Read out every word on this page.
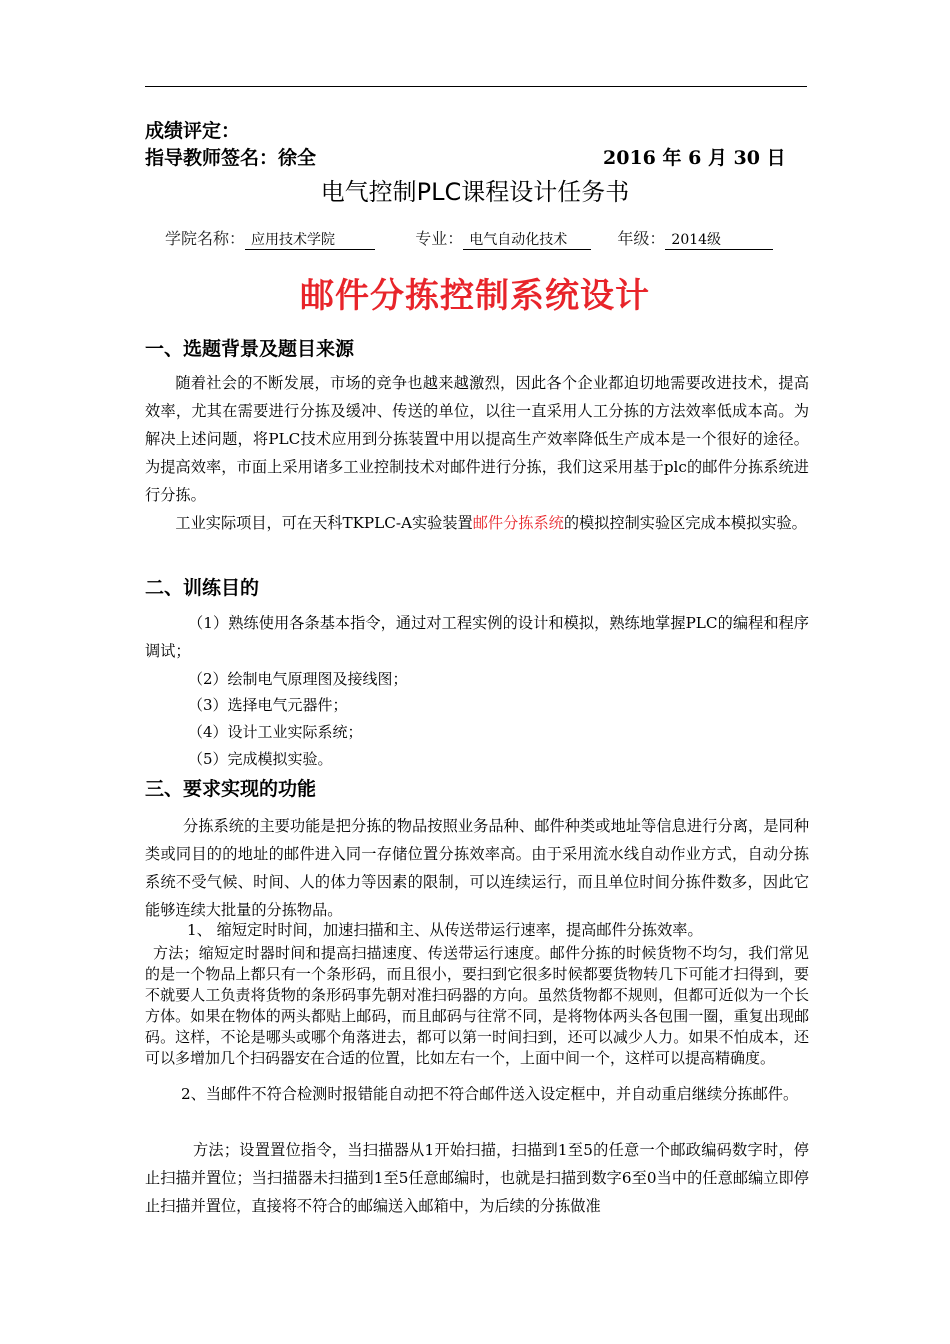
成绩评定：
指导教师签名：徐全	2016 年 6 月 30 日
电气控制PLC课程设计任务书
学院名称： 应用技术学院	专业： 电气自动化技术	年级： 2014级
邮件分拣控制系统设计
一、选题背景及题目来源
随着社会的不断发展，市场的竞争也越来越激烈，因此各个企业都迫切地需要改进技术，提高效率，尤其在需要进行分拣及缓冲、传送的单位，以往一直采用人工分拣的方法效率低成本高。为解决上述问题，将PLC技术应用到分拣装置中用以提高生产效率降低生产成本是一个很好的途径。为提高效率，市面上采用诸多工业控制技术对邮件进行分拣，我们这采用基于plc的邮件分拣系统进行分拣。
工业实际项目，可在天科TKPLC-A实验装置邮件分拣系统的模拟控制实验区完成本模拟实验。
二、训练目的
（1）熟练使用各条基本指令，通过对工程实例的设计和模拟，熟练地掌握PLC的编程和程序调试；
（2）绘制电气原理图及接线图；
（3）选择电气元器件；
（4）设计工业实际系统；
（5）完成模拟实验。
三、要求实现的功能
分拣系统的主要功能是把分拣的物品按照业务品种、邮件种类或地址等信息进行分离，是同种类或同目的的地址的邮件进入同一存储位置分拣效率高。由于采用流水线自动作业方式，自动分拣系统不受气候、时间、人的体力等因素的限制，可以连续运行，而且单位时间分拣件数多，因此它能够连续大批量的分拣物品。
1、 缩短定时时间，加速扫描和主、从传送带运行速率，提高邮件分拣效率。
方法；缩短定时器时间和提高扫描速度、传送带运行速度。邮件分拣的时候货物不均匀，我们常见的是一个物品上都只有一个条形码，而且很小，要扫到它很多时候都要货物转几下可能才扫得到，要不就要人工负责将货物的条形码事先朝对准扫码器的方向。虽然货物都不规则，但都可近似为一个长方体。如果在物体的两头都贴上邮码，而且邮码与往常不同，是将物体两头各包围一圈，重复出现邮码。这样，不论是哪头或哪个角落进去，都可以第一时间扫到，还可以减少人力。如果不怕成本，还可以多增加几个扫码器安在合适的位置，比如左右一个，上面中间一个，这样可以提高精确度。
2、当邮件不符合检测时报错能自动把不符合邮件送入设定框中，并自动重启继续分拣邮件。
方法；设置置位指令，当扫描器从1开始扫描，扫描到1至5的任意一个邮政编码数字时，停止扫描并置位；当扫描器未扫描到1至5任意邮编时，也就是扫描到数字6至0当中的任意邮编立即停止扫描并置位，直接将不符合的邮编送入邮箱中，为后续的分拣做准
